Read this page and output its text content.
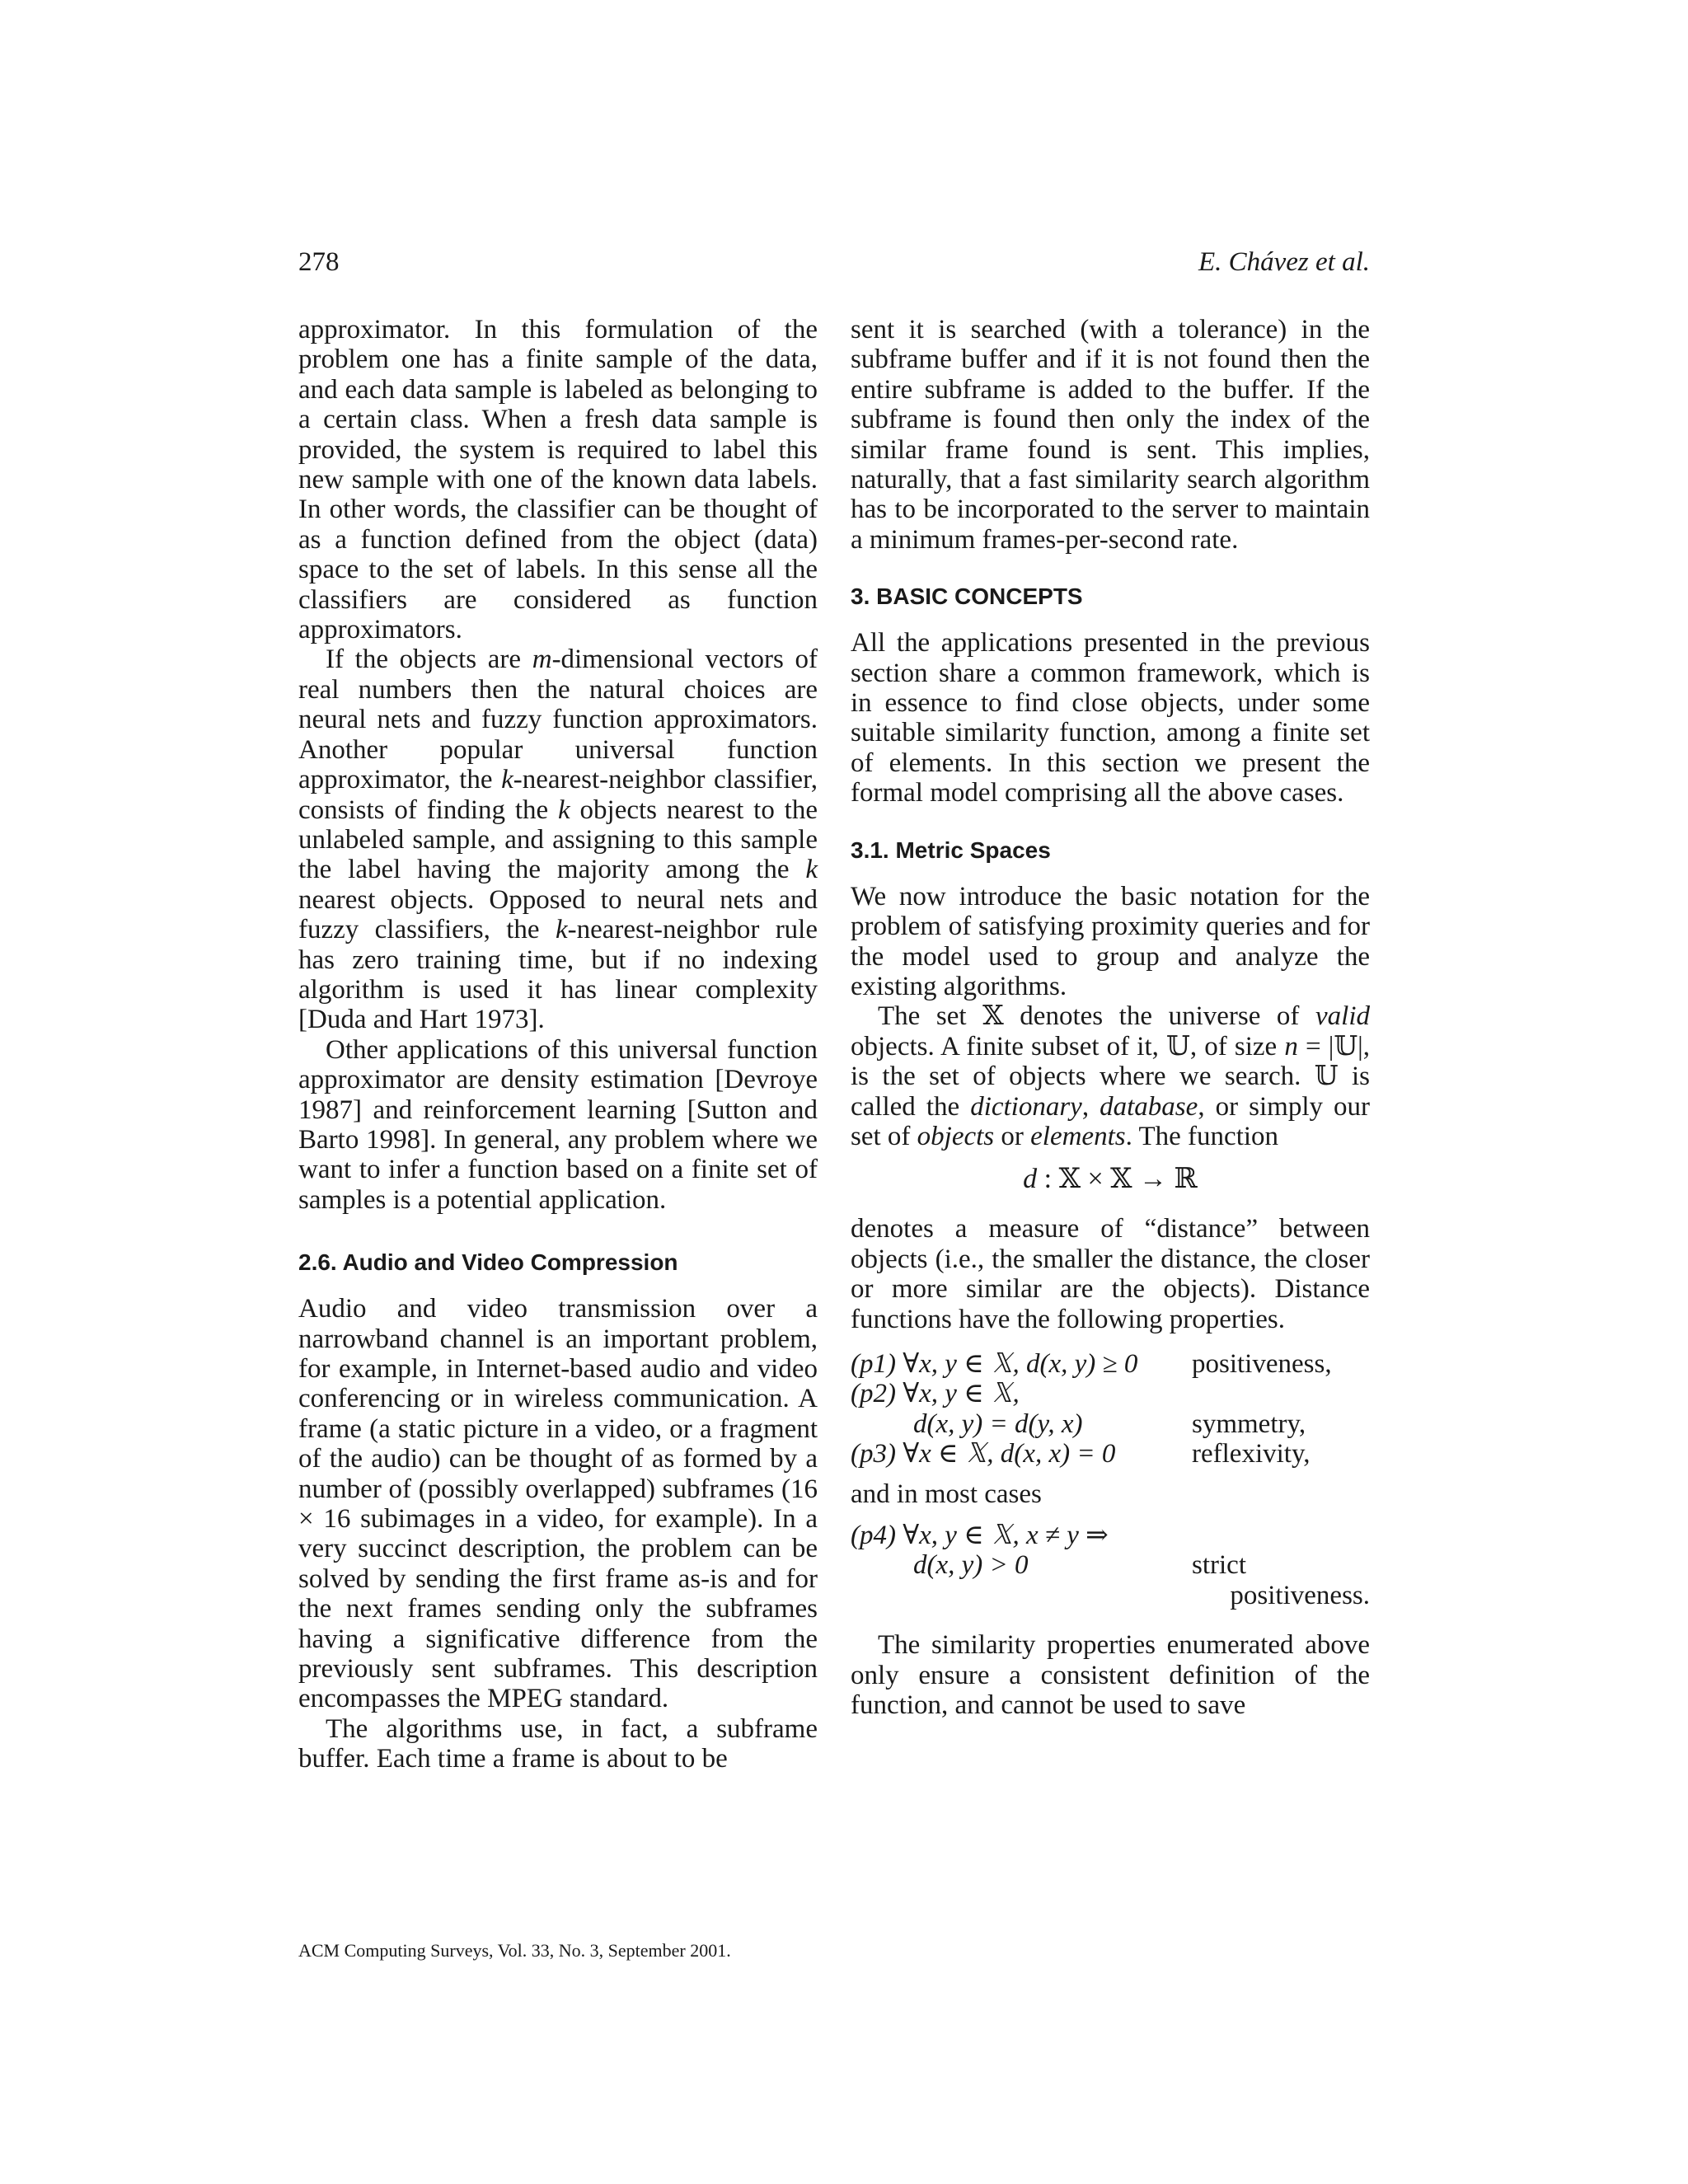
278	E. Chávez et al.

approximator. In this formulation of the problem one has a finite sample of the data, and each data sample is labeled as belonging to a certain class. When a fresh data sample is provided, the system is required to label this new sample with one of the known data labels. In other words, the classifier can be thought of as a function defined from the object (data) space to the set of labels. In this sense all the classifiers are considered as function approximators.

If the objects are m-dimensional vectors of real numbers then the natural choices are neural nets and fuzzy function approximators. Another popular universal function approximator, the k-nearest-neighbor classifier, consists of finding the k objects nearest to the unlabeled sample, and assigning to this sample the label having the majority among the k nearest objects. Opposed to neural nets and fuzzy classifiers, the k-nearest-neighbor rule has zero training time, but if no indexing algorithm is used it has linear complexity [Duda and Hart 1973].

Other applications of this universal function approximator are density estimation [Devroye 1987] and reinforcement learning [Sutton and Barto 1998]. In general, any problem where we want to infer a function based on a finite set of samples is a potential application.

2.6. Audio and Video Compression

Audio and video transmission over a narrowband channel is an important problem, for example, in Internet-based audio and video conferencing or in wireless communication. A frame (a static picture in a video, or a fragment of the audio) can be thought of as formed by a number of (possibly overlapped) subframes (16 × 16 subimages in a video, for example). In a very succinct description, the problem can be solved by sending the first frame as-is and for the next frames sending only the subframes having a significative difference from the previously sent subframes. This description encompasses the MPEG standard.

The algorithms use, in fact, a subframe buffer. Each time a frame is about to be

sent it is searched (with a tolerance) in the subframe buffer and if it is not found then the entire subframe is added to the buffer. If the subframe is found then only the index of the similar frame found is sent. This implies, naturally, that a fast similarity search algorithm has to be incorporated to the server to maintain a minimum frames-per-second rate.

3. BASIC CONCEPTS

All the applications presented in the previous section share a common framework, which is in essence to find close objects, under some suitable similarity function, among a finite set of elements. In this section we present the formal model comprising all the above cases.

3.1. Metric Spaces

We now introduce the basic notation for the problem of satisfying proximity queries and for the model used to group and analyze the existing algorithms.

The set 𝕏 denotes the universe of valid objects. A finite subset of it, 𝕌, of size n = |𝕌|, is the set of objects where we search. 𝕌 is called the dictionary, database, or simply our set of objects or elements. The function

d : 𝕏 × 𝕏 → ℝ

denotes a measure of “distance” between objects (i.e., the smaller the distance, the closer or more similar are the objects). Distance functions have the following properties.

(p1) ∀x, y ∈ 𝕏, d(x, y) ≥ 0 positiveness,
(p2) ∀x, y ∈ 𝕏,
d(x, y) = d(y, x)	symmetry,
(p3) ∀x ∈ 𝕏, d(x, x) = 0	reflexivity,

and in most cases

(p4) ∀x, y ∈ 𝕏, x ≠ y ⇒
d(x, y) > 0	strict
positiveness.

The similarity properties enumerated above only ensure a consistent definition of the function, and cannot be used to save

ACM Computing Surveys, Vol. 33, No. 3, September 2001.
